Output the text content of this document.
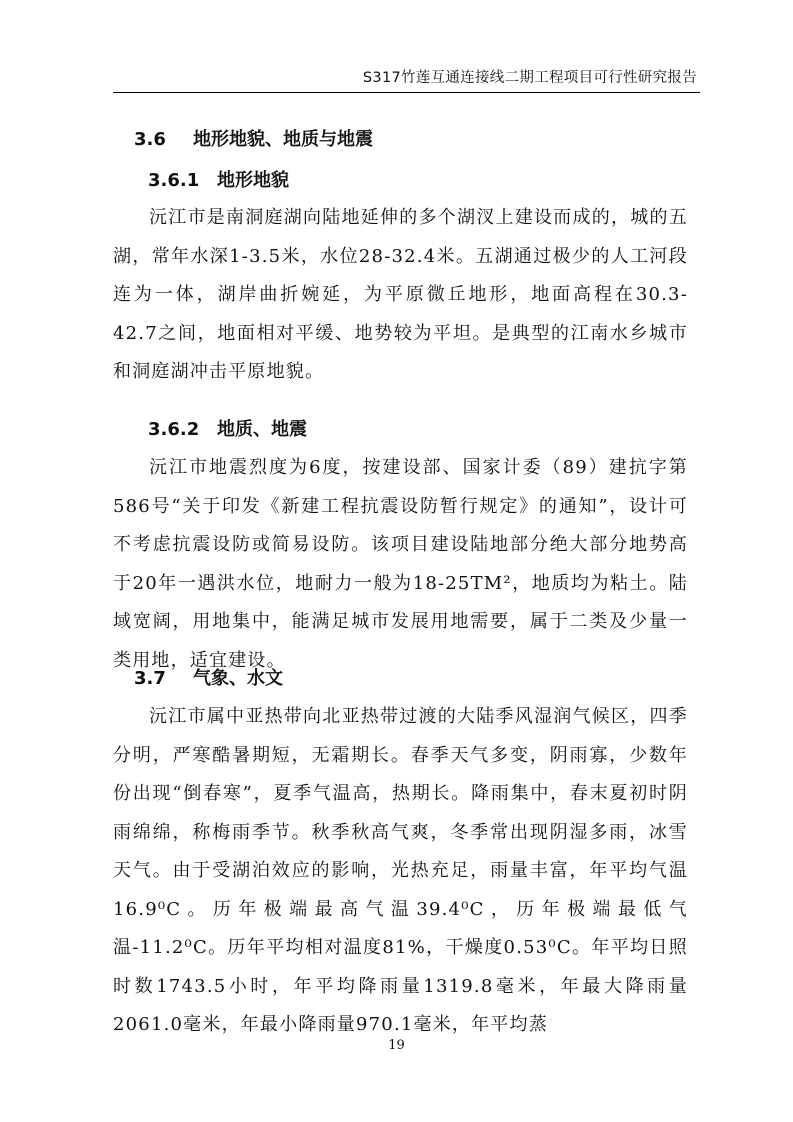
S317竹莲互通连接线二期工程项目可行性研究报告
3.6 地形地貌、地质与地震
3.6.1 地形地貌

沅江市是南洞庭湖向陆地延伸的多个湖汊上建设而成的，城的五湖，常年水深1-3.5米，水位28-32.4米。五湖通过极少的人工河段连为一体，湖岸曲折婉延，为平原微丘地形，地面高程在30.3-42.7之间，地面相对平缓、地势较为平坦。是典型的江南水乡城市和洞庭湖冲击平原地貌。

3.6.2 地质、地震

沅江市地震烈度为6度，按建设部、国家计委（89）建抗字第586号“关于印发《新建工程抗震设防暂行规定》的通知”，设计可不考虑抗震设防或简易设防。该项目建设陆地部分绝大部分地势高于20年一遇洪水位，地耐力一般为18-25TM²，地质均为粘土。陆域宽阔，用地集中，能满足城市发展用地需要，属于二类及少量一类用地，适宜建设。

3.7 气象、水文

沅江市属中亚热带向北亚热带过渡的大陆季风湿润气候区，四季分明，严寒酷暑期短，无霜期长。春季天气多变，阴雨寡，少数年份出现“倒春寒”，夏季气温高，热期长。降雨集中，春末夏初时阴雨绵绵，称梅雨季节。秋季秋高气爽，冬季常出现阴湿多雨，冰雪天气。由于受湖泊效应的影响，光热充足，雨量丰富，年平均气温16.9⁰C。历年极端最高气温39.4⁰C，历年极端最低气温-11.2⁰C。历年平均相对温度81%，干燥度0.53⁰C。年平均日照时数1743.5小时，年平均降雨量1319.8毫米，年最大降雨量2061.0毫米，年最小降雨量970.1毫米，年平均蒸

19
